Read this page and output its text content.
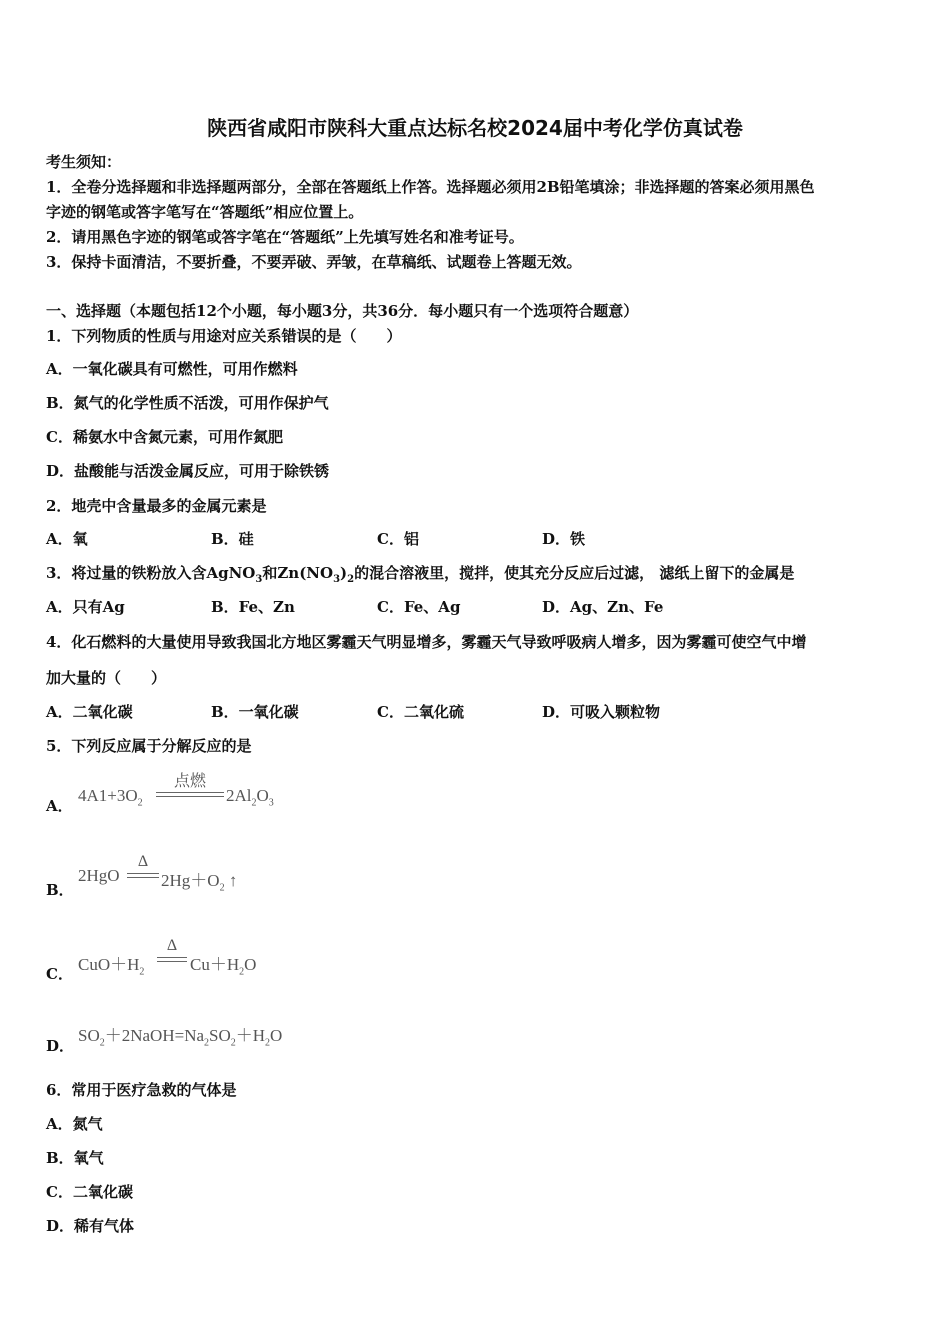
陕西省咸阳市陕科大重点达标名校2024届中考化学仿真试卷
考生须知：
1．全卷分选择题和非选择题两部分，全部在答题纸上作答。选择题必须用2B铅笔填涂；非选择题的答案必须用黑色
字迹的钢笔或答字笔写在“答题纸”相应位置上。
2．请用黑色字迹的钢笔或答字笔在“答题纸”上先填写姓名和准考证号。
3．保持卡面清洁，不要折叠，不要弄破、弄皱，在草稿纸、试题卷上答题无效。
一、选择题（本题包括12个小题，每小题3分，共36分．每小题只有一个选项符合题意）
1．下列物质的性质与用途对应关系错误的是（　　）
A．一氧化碳具有可燃性，可用作燃料
B．氮气的化学性质不活泼，可用作保护气
C．稀氨水中含氮元素，可用作氮肥
D．盐酸能与活泼金属反应，可用于除铁锈
2．地壳中含量最多的金属元素是
A．氧	B．硅	C．铝	D．铁
3．将过量的铁粉放入含AgNO$_3$和$Zn(NO_3)_2$的混合溶液里，搅拌，使其充分反应后过滤， 滤纸上留下的金属是
A．只有Ag	B．Fe、Zn	C．Fe、Ag	D．Ag、Zn、Fe
4．化石燃料的大量使用导致我国北方地区雾霾天气明显增多，雾霾天气导致呼吸病人增多，因为雾霾可使空气中增
加大量的（　　）
A．二氧化碳	B．一氧化碳	C．二氧化硫	D．可吸入颗粒物
5．下列反应属于分解反应的是
A．
$4A1+3O_2$
点燃
$2Al_2O_3$
B．
2HgO
Δ
$2Hg+O_2$ ↑
C． $CuO+H_2$
Δ
$Cu+H_2O$
D．
$SO_2+2NaOH=Na_2SO_2+H_2O$
6．常用于医疗急救的气体是
A．氮气
B．氧气
C．二氧化碳
D．稀有气体
